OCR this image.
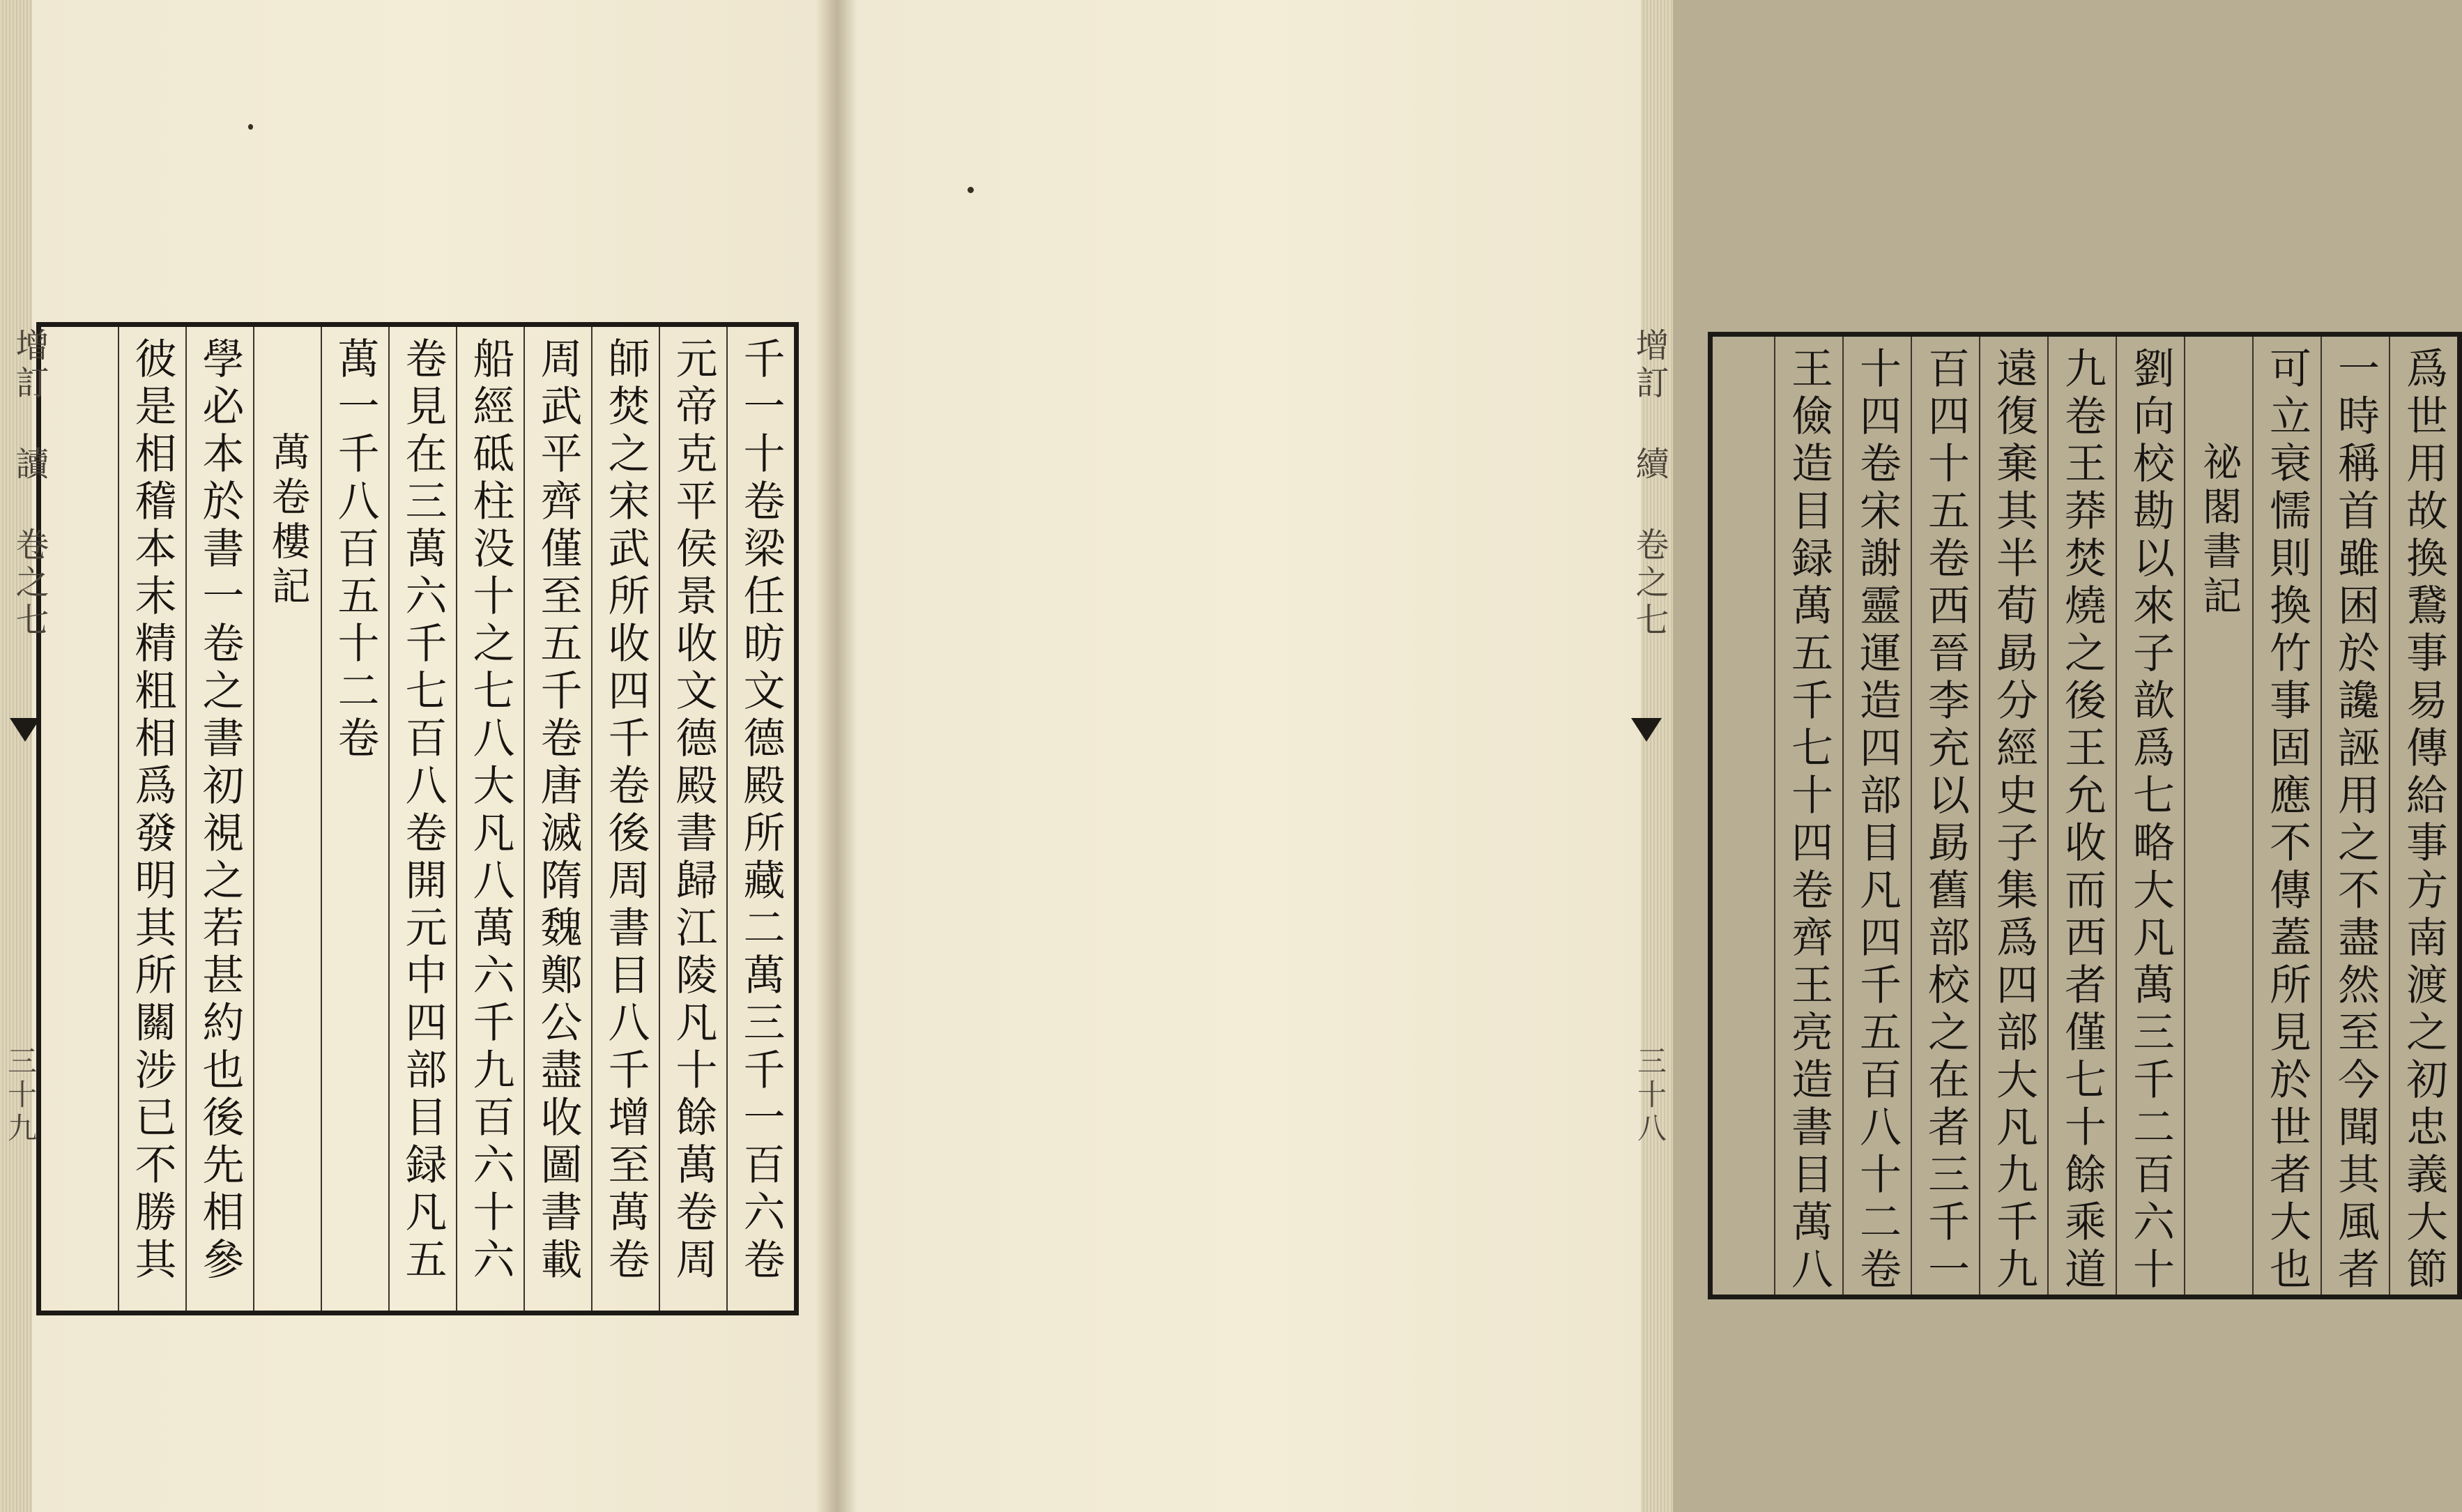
千一十卷梁任昉文德殿所藏二萬三千一百六卷
元帝克平侯景收文德殿書歸江陵凡十餘萬卷周
師焚之宋武所收四千卷後周書目八千增至萬卷
周武平齊僅至五千卷唐滅隋魏鄭公盡收圖書載
船經砥柱没十之七八大凡八萬六千九百六十六
卷見在三萬六千七百八卷開元中四部目録凡五
萬一千八百五十二卷
萬卷樓記
學必本於書一卷之書初視之若甚約也後先相參
彼是相稽本末精粗相爲發明其所關涉已不勝其
增訂 讀 卷之七
三十九	爲世用故換鵞事易傳給事方南渡之初忠義大節
一時稱首雖困於讒誣用之不盡然至今聞其風者
可立衰懦則換竹事固應不傳蓋所見於世者大也
祕閣書記
劉向校勘以來子歆爲七略大凡萬三千二百六十
九卷王莽焚燒之後王允收而西者僅七十餘乘道
遠復棄其半荀勗分經史子集爲四部大凡九千九
百四十五卷西晉李充以勗舊部校之在者三千一
十四卷宋謝靈運造四部目凡四千五百八十二卷
王儉造目録萬五千七十四卷齊王亮造書目萬八
增訂 續 卷之七
三十八
